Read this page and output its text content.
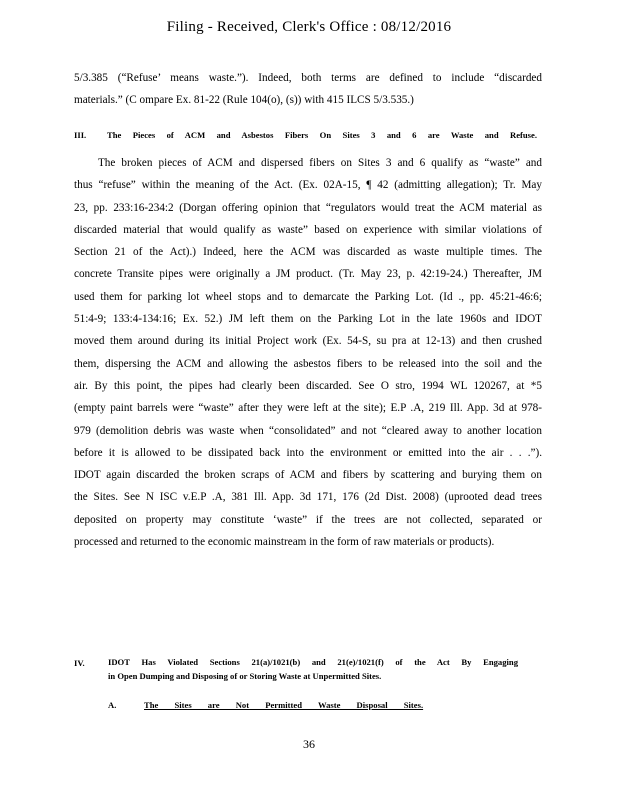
Filing - Received, Clerk's Office : 08/12/2016
5/3.385 (“Refuse’ means waste.”). Indeed, both terms are defined to include “discarded
materials.” (C ompare Ex. 81-22 (Rule 104(o), (s)) with 415 ILCS 5/3.535.)
III. The Pieces of ACM and Asbestos Fibers On Sites 3 and 6 are Waste and Refuse.
The  broken  pieces  of  ACM  and  dispersed  fibers  on  Sites  3  and  6  qualify  as  “waste”  and
thus “refuse” within the meaning of the Act. (Ex. 02A-15, ¶ 42 (admitting allegation); Tr. May
23, pp. 233:16-234:2 (Dorgan offering opinion that “regulators would treat the ACM material as
discarded material that would qualify as waste” based on experience with similar violations of
Section 21 of the Act).) Indeed, here the ACM was discarded as waste multiple times. The
concrete Transite pipes were originally a JM product. (Tr. May 23, p. 42:19-24.) Thereafter, JM
used them for parking lot wheel stops and to demarcate the Parking Lot. (Id ., pp. 45:21-46:6;
51:4-9; 133:4-134:16; Ex. 52.) JM left them on the Parking Lot in the late 1960s and IDOT
moved them around during its initial Project work (Ex. 54-S, su pra at 12-13) and then crushed
them, dispersing the ACM and allowing the asbestos fibers to be released into the soil and the
air. By this point, the pipes had clearly been discarded. See O stro, 1994 WL 120267, at *5
(empty paint barrels were “waste” after they were left at the site); E.P .A, 219 Ill. App. 3d at 978-
979 (demolition debris was waste when “consolidated” and not “cleared away to another location
before it is allowed to be dissipated back into the environment or emitted into the air . . .”).
IDOT again discarded the broken scraps of ACM and fibers by scattering and burying them on
the Sites. See N ISC v.E.P .A, 381 Ill. App. 3d 171, 176 (2d Dist. 2008) (uprooted dead trees
deposited on property may constitute ‘waste” if the trees are not collected, separated or
processed and returned to the economic mainstream in the form of raw materials or products).
IV.	IDOT Has Violated Sections 21(a)/1021(b) and 21(e)/1021(f) of the Act By Engaging
in Open Dumping and Disposing of or Storing Waste at Unpermitted Sites.
A.	The Sites are Not Permitted Waste Disposal Sites.
36
